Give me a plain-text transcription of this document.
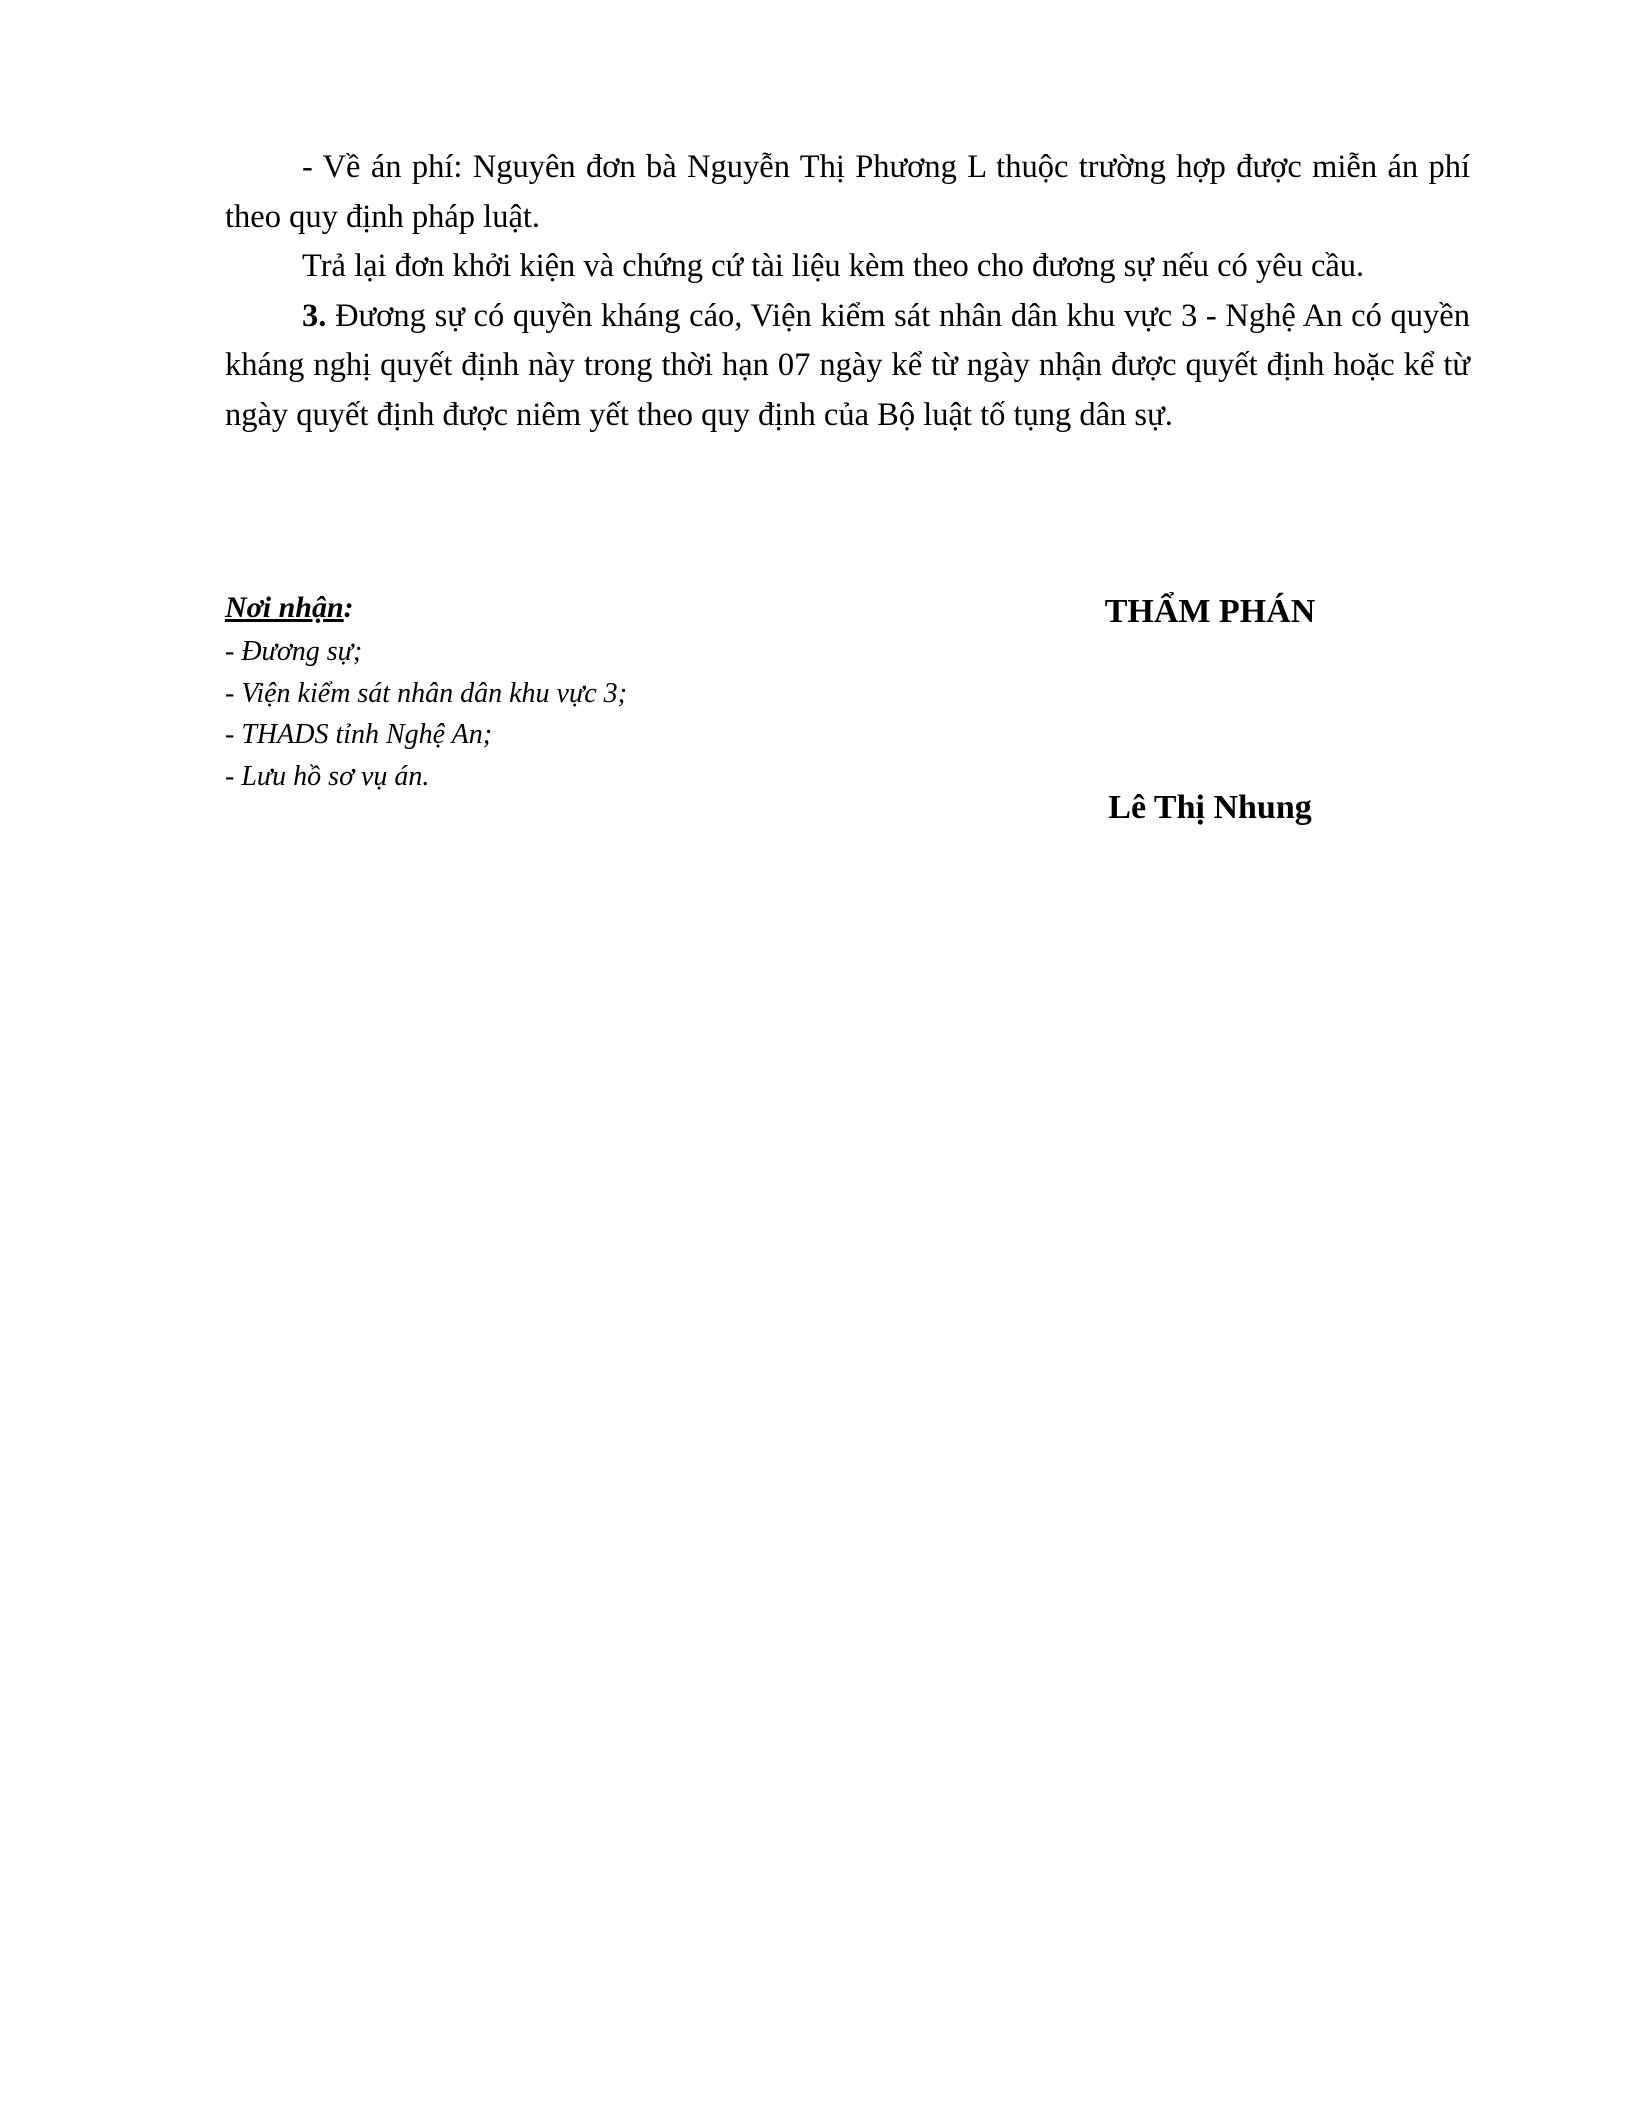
- Về án phí: Nguyên đơn bà Nguyễn Thị Phương L thuộc trường hợp được miễn án phí theo quy định pháp luật.

Trả lại đơn khởi kiện và chứng cứ tài liệu kèm theo cho đương sự nếu có yêu cầu.

3. Đương sự có quyền kháng cáo, Viện kiểm sát nhân dân khu vực 3 - Nghệ An có quyền kháng nghị quyết định này trong thời hạn 07 ngày kể từ ngày nhận được quyết định hoặc kể từ ngày quyết định được niêm yết theo quy định của Bộ luật tố tụng dân sự.

Nơi nhận:
- Đương sự;
- Viện kiểm sát nhân dân khu vực 3;
- THADS tỉnh Nghệ An;
- Lưu hồ sơ vụ án.
THẨM PHÁN
Lê Thị Nhung
